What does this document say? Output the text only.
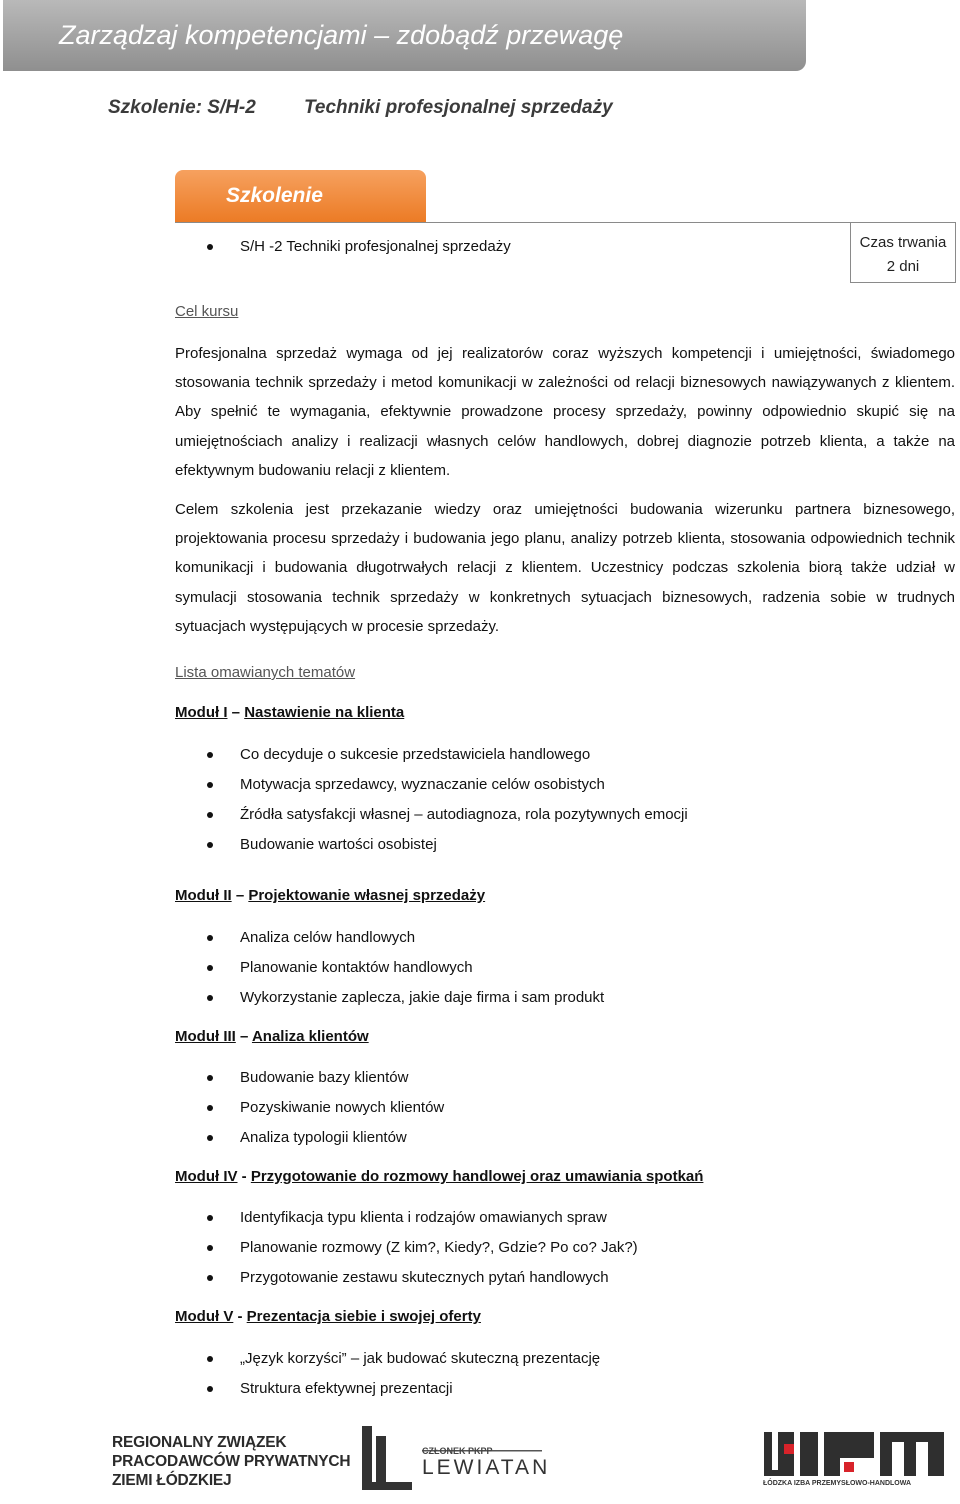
Zarządzaj kompetencjami – zdobądź przewagę
Szkolenie: S/H-2	Techniki profesjonalnej sprzedaży
Szkolenie
S/H -2 Techniki profesjonalnej sprzedaży	Czas trwania
2 dni
Cel kursu
Profesjonalna sprzedaż wymaga od jej realizatorów coraz wyższych kompetencji i umiejętności, świadomego stosowania technik sprzedaży i metod komunikacji w zależności od relacji biznesowych nawiązywanych z klientem. Aby spełnić te wymagania, efektywnie prowadzone procesy sprzedaży, powinny odpowiednio skupić się na umiejętnościach analizy i realizacji własnych celów handlowych, dobrej diagnozie potrzeb klienta, a także na efektywnym budowaniu relacji z klientem.
Celem szkolenia jest przekazanie wiedzy oraz umiejętności budowania wizerunku partnera biznesowego, projektowania procesu sprzedaży i budowania jego planu, analizy potrzeb klienta, stosowania odpowiednich technik komunikacji i budowania długotrwałych relacji z klientem. Uczestnicy podczas szkolenia biorą także udział w symulacji stosowania technik sprzedaży w konkretnych sytuacjach biznesowych, radzenia sobie w trudnych sytuacjach występujących w procesie sprzedaży.
Lista omawianych tematów
Moduł I – Nastawienie na klienta
Co decyduje o sukcesie przedstawiciela handlowego
Motywacja sprzedawcy, wyznaczanie celów osobistych
Źródła satysfakcji własnej – autodiagnoza, rola pozytywnych emocji
Budowanie wartości osobistej
Moduł II – Projektowanie własnej sprzedaży
Analiza celów handlowych
Planowanie kontaktów handlowych
Wykorzystanie zaplecza, jakie daje firma i sam produkt
Moduł III – Analiza klientów
Budowanie bazy klientów
Pozyskiwanie nowych klientów
Analiza typologii klientów
Moduł IV - Przygotowanie do rozmowy handlowej oraz umawiania spotkań
Identyfikacja typu klienta i rodzajów omawianych spraw
Planowanie rozmowy (Z kim?, Kiedy?, Gdzie? Po co? Jak?)
Przygotowanie zestawu skutecznych pytań handlowych
Moduł V - Prezentacja siebie i swojej oferty
„Język korzyści” – jak budować skuteczną prezentację
Struktura efektywnej prezentacji
REGIONALNY ZWIĄZEK
PRACODAWCÓW PRYWATNYCH
ZIEMI ŁÓDZKIEJ
CZŁONEK PKPP
LEWIATAN
ŁÓDZKA IZBA PRZEMYSŁOWO-HANDLOWA
